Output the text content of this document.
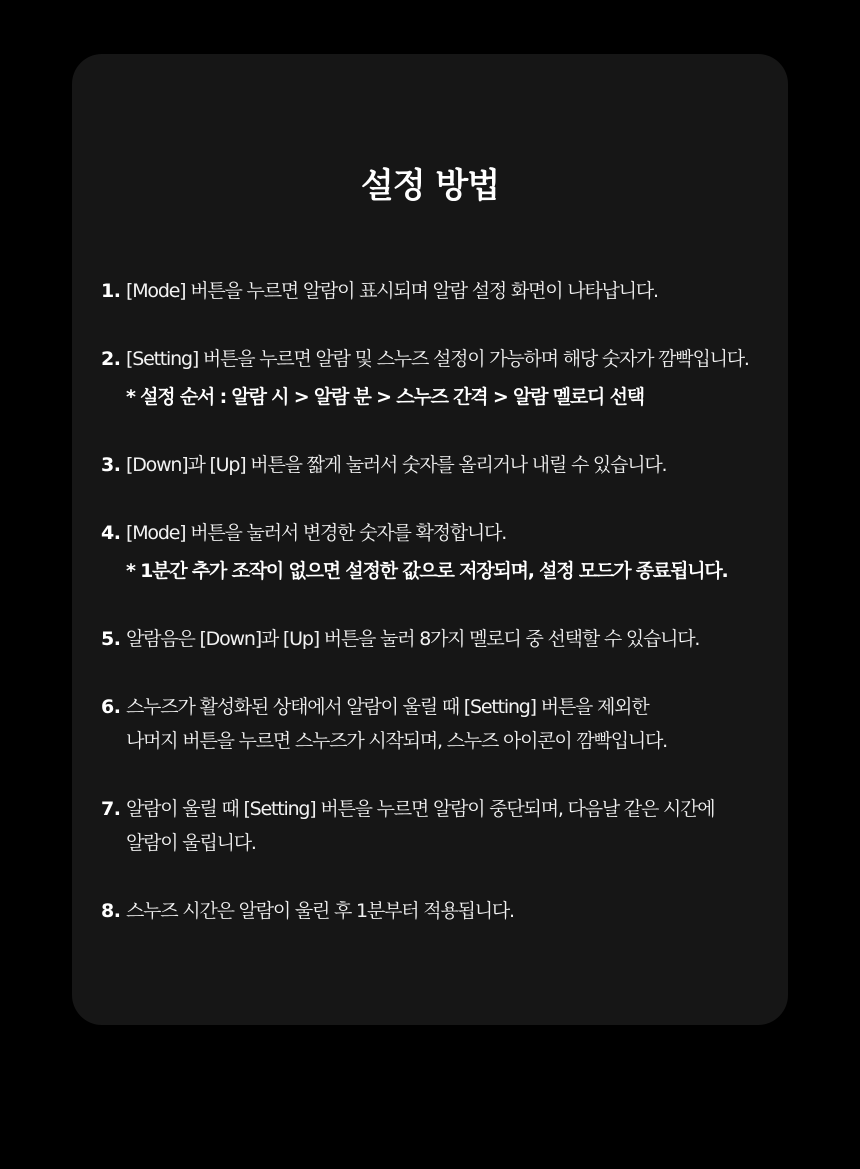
설정 방법
1. [Mode] 버튼을 누르면 알람이 표시되며 알람 설정 화면이 나타납니다.
2. [Setting] 버튼을 누르면 알람 및 스누즈 설정이 가능하며 해당 숫자가 깜빡입니다.
* 설정 순서 : 알람 시 > 알람 분 > 스누즈 간격 > 알람 멜로디 선택
3. [Down]과 [Up] 버튼을 짧게 눌러서 숫자를 올리거나 내릴 수 있습니다.
4. [Mode] 버튼을 눌러서 변경한 숫자를 확정합니다.
* 1분간 추가 조작이 없으면 설정한 값으로 저장되며, 설정 모드가 종료됩니다.
5. 알람음은 [Down]과 [Up] 버튼을 눌러 8가지 멜로디 중 선택할 수 있습니다.
6. 스누즈가 활성화된 상태에서 알람이 울릴 때 [Setting] 버튼을 제외한
나머지 버튼을 누르면 스누즈가 시작되며, 스누즈 아이콘이 깜빡입니다.
7. 알람이 울릴 때 [Setting] 버튼을 누르면 알람이 중단되며, 다음날 같은 시간에
알람이 울립니다.
8. 스누즈 시간은 알람이 울린 후 1분부터 적용됩니다.
